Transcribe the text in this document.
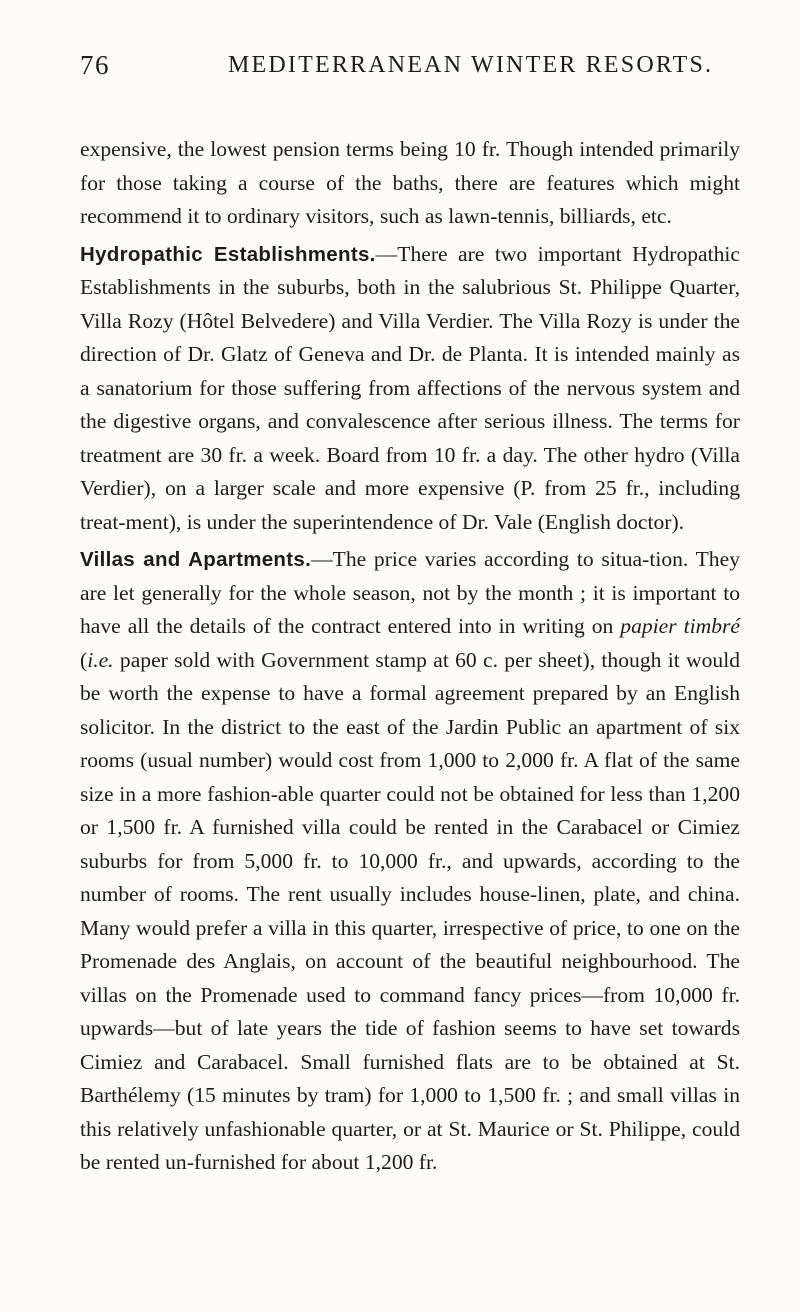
76	MEDITERRANEAN WINTER RESORTS.

expensive, the lowest pension terms being 10 fr. Though intended primarily for those taking a course of the baths, there are features which might recommend it to ordinary visitors, such as lawn-tennis, billiards, etc.

Hydropathic Establishments.—There are two important Hydropathic Establishments in the suburbs, both in the salubrious St. Philippe Quarter, Villa Rozy (Hôtel Belvedere) and Villa Verdier. The Villa Rozy is under the direction of Dr. Glatz of Geneva and Dr. de Planta. It is intended mainly as a sanatorium for those suffering from affections of the nervous system and the digestive organs, and convalescence after serious illness. The terms for treatment are 30 fr. a week. Board from 10 fr. a day. The other hydro (Villa Verdier), on a larger scale and more expensive (P. from 25 fr., including treat-ment), is under the superintendence of Dr. Vale (English doctor).

Villas and Apartments.—The price varies according to situa-tion. They are let generally for the whole season, not by the month ; it is important to have all the details of the contract entered into in writing on papier timbré (i.e. paper sold with Government stamp at 60 c. per sheet), though it would be worth the expense to have a formal agreement prepared by an English solicitor. In the district to the east of the Jardin Public an apartment of six rooms (usual number) would cost from 1,000 to 2,000 fr. A flat of the same size in a more fashion-able quarter could not be obtained for less than 1,200 or 1,500 fr. A furnished villa could be rented in the Carabacel or Cimiez suburbs for from 5,000 fr. to 10,000 fr., and upwards, according to the number of rooms. The rent usually includes house-linen, plate, and china. Many would prefer a villa in this quarter, irrespective of price, to one on the Promenade des Anglais, on account of the beautiful neighbourhood. The villas on the Promenade used to command fancy prices—from 10,000 fr. upwards—but of late years the tide of fashion seems to have set towards Cimiez and Carabacel. Small furnished flats are to be obtained at St. Barthélemy (15 minutes by tram) for 1,000 to 1,500 fr. ; and small villas in this relatively unfashionable quarter, or at St. Maurice or St. Philippe, could be rented un-furnished for about 1,200 fr.
